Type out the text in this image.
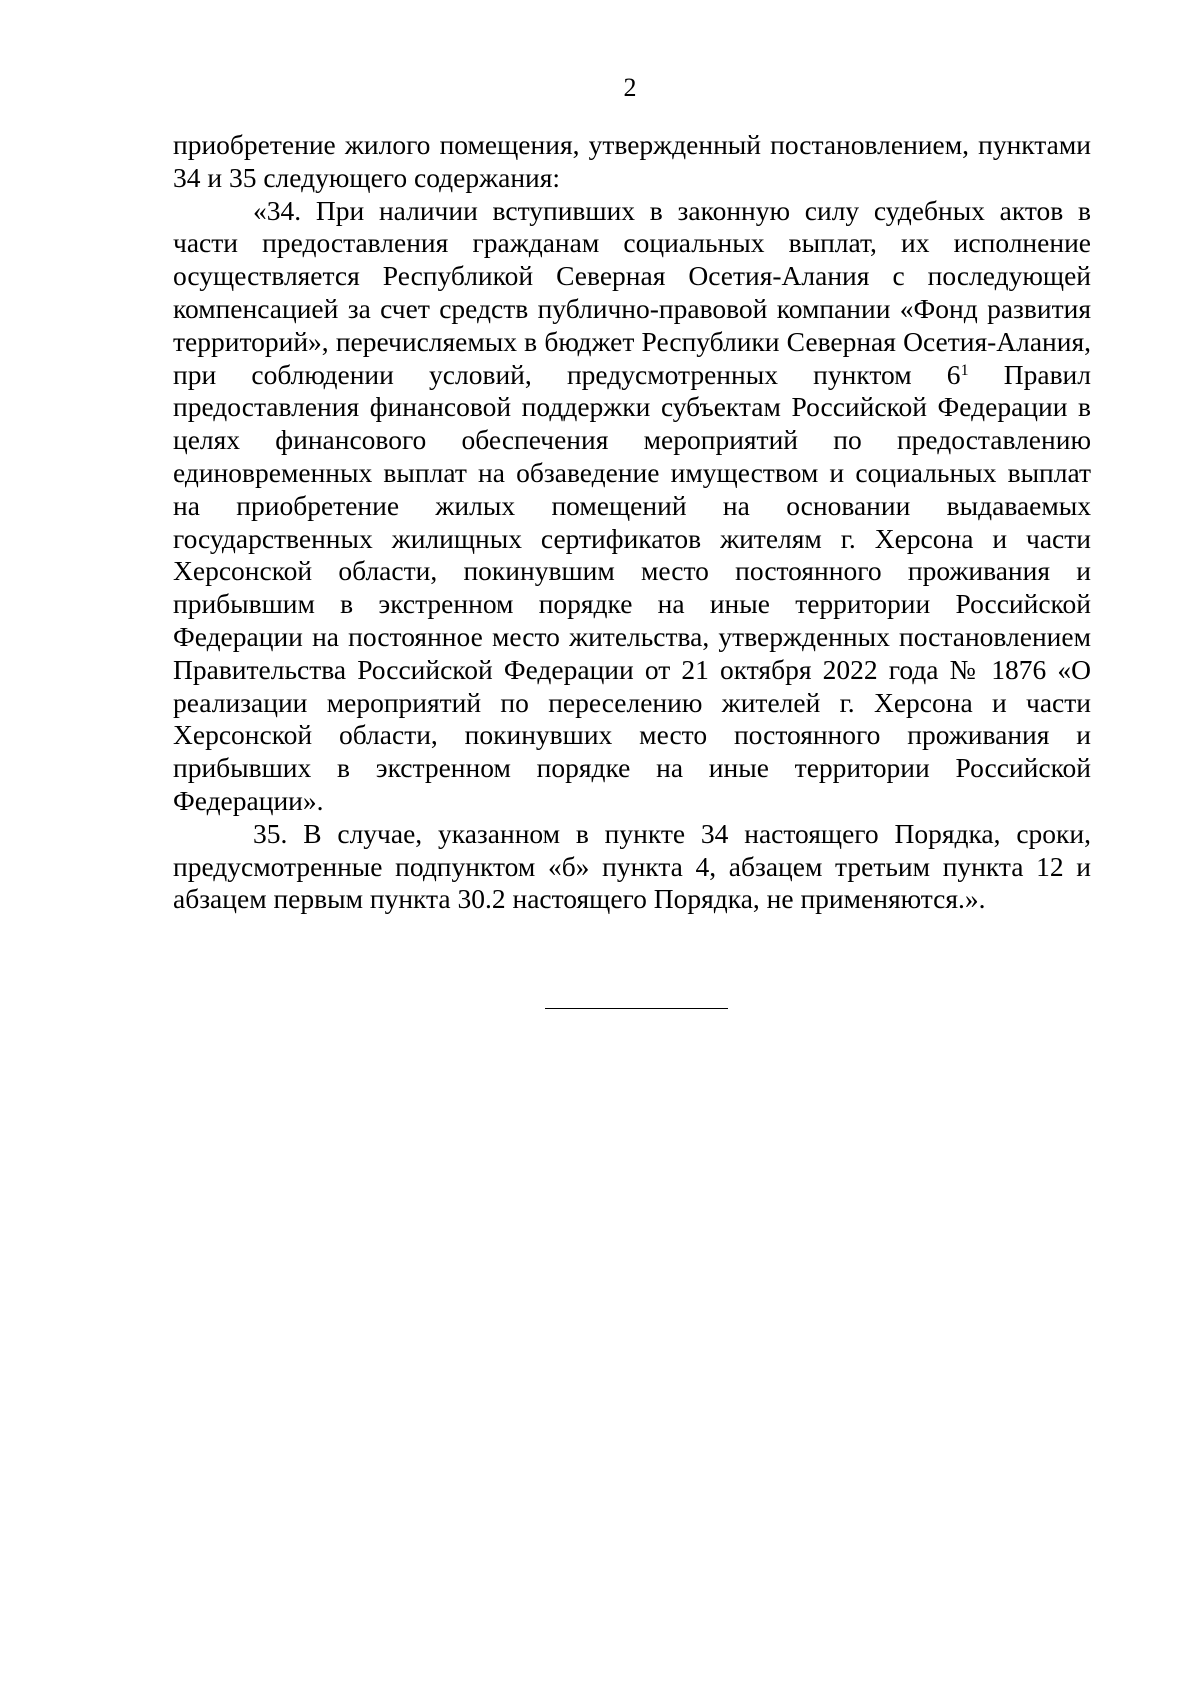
2

приобретение жилого помещения, утвержденный постановлением, пунктами 34 и 35 следующего содержания:

«34. При наличии вступивших в законную силу судебных актов в части предоставления гражданам социальных выплат, их исполнение осуществляется Республикой Северная Осетия-Алания с последующей компенсацией за счет средств публично-правовой компании «Фонд развития территорий», перечисляемых в бюджет Республики Северная Осетия-Алания, при соблюдении условий, предусмотренных пунктом $6^1$ Правил предоставления финансовой поддержки субъектам Российской Федерации в целях финансового обеспечения мероприятий по предоставлению единовременных выплат на обзаведение имуществом и социальных выплат на приобретение жилых помещений на основании выдаваемых государственных жилищных сертификатов жителям г. Херсона и части Херсонской области, покинувшим место постоянного проживания и прибывшим в экстренном порядке на иные территории Российской Федерации на постоянное место жительства, утвержденных постановлением Правительства Российской Федерации от 21 октября 2022 года № 1876 «О реализации мероприятий по переселению жителей г. Херсона и части Херсонской области, покинувших место постоянного проживания и прибывших в экстренном порядке на иные территории Российской Федерации».

35. В случае, указанном в пункте 34 настоящего Порядка, сроки, предусмотренные подпунктом «б» пункта 4, абзацем третьим пункта 12 и абзацем первым пункта 30.2 настоящего Порядка, не применяются.».
